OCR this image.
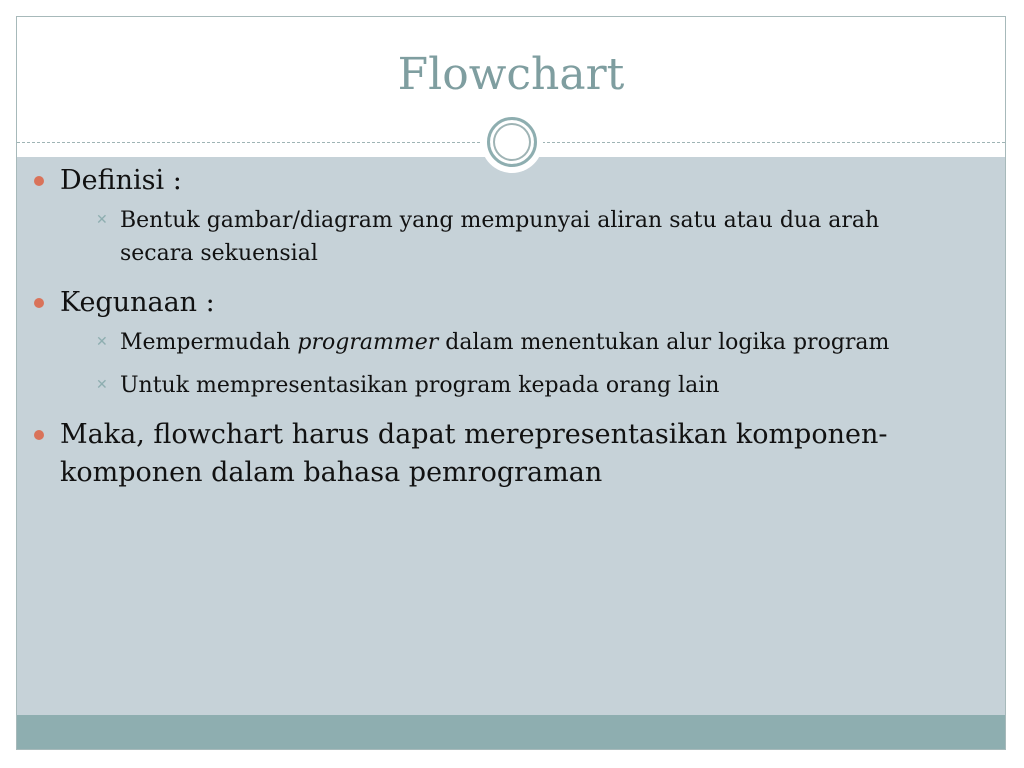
Flowchart
Definisi :
✕ Bentuk gambar/diagram yang mempunyai aliran satu atau dua arah secara sekuensial
Kegunaan :
✕ Mempermudah programmer dalam menentukan alur logika program
✕ Untuk mempresentasikan program kepada orang lain
Maka, flowchart harus dapat merepresentasikan komponen-komponen dalam bahasa pemrograman
